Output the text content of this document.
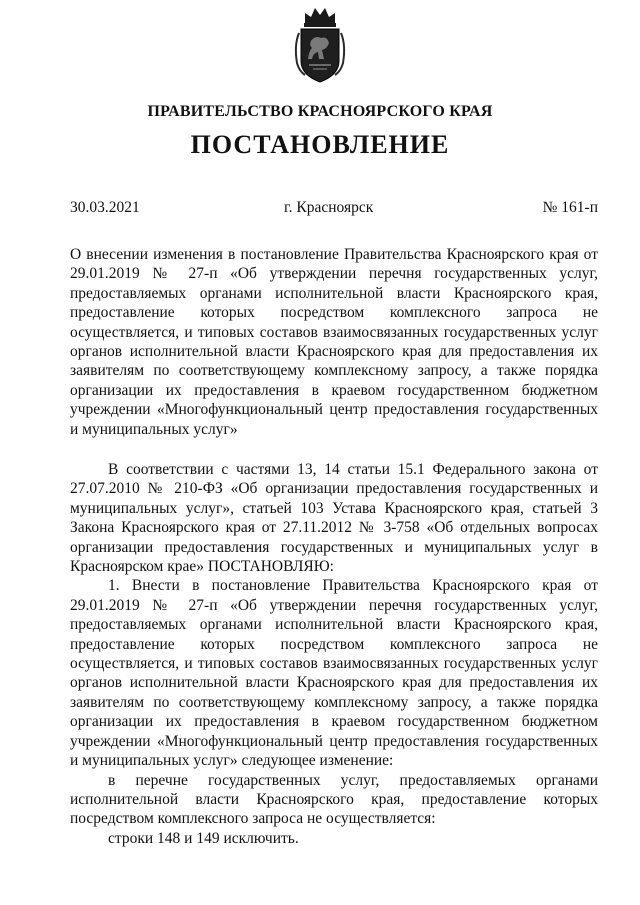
ПРАВИТЕЛЬСТВО КРАСНОЯРСКОГО КРАЯ
ПОСТАНОВЛЕНИЕ
30.03.2021	г. Красноярск	№ 161-п
О внесении изменения в постановление Правительства Красноярского края от 29.01.2019 № 27-п «Об утверждении перечня государственных услуг, предоставляемых органами исполнительной власти Красноярского края, предоставление которых посредством комплексного запроса не осуществляется, и типовых составов взаимосвязанных государственных услуг органов исполнительной власти Красноярского края для предоставления их заявителям по соответствующему комплексному запросу, а также порядка организации их предоставления в краевом государственном бюджетном учреждении «Многофункциональный центр предоставления государственных и муниципальных услуг»

В соответствии с частями 13, 14 статьи 15.1 Федерального закона от 27.07.2010 № 210-ФЗ «Об организации предоставления государственных и муниципальных услуг», статьей 103 Устава Красноярского края, статьей 3 Закона Красноярского края от 27.11.2012 № 3-758 «Об отдельных вопросах организации предоставления государственных и муниципальных услуг в Красноярском крае» ПОСТАНОВЛЯЮ:

1. Внести в постановление Правительства Красноярского края от 29.01.2019 № 27-п «Об утверждении перечня государственных услуг, предоставляемых органами исполнительной власти Красноярского края, предоставление которых посредством комплексного запроса не осуществляется, и типовых составов взаимосвязанных государственных услуг органов исполнительной власти Красноярского края для предоставления их заявителям по соответствующему комплексному запросу, а также порядка организации их предоставления в краевом государственном бюджетном учреждении «Многофункциональный центр предоставления государственных и муниципальных услуг» следующее изменение:

в перечне государственных услуг, предоставляемых органами исполнительной власти Красноярского края, предоставление которых посредством комплексного запроса не осуществляется:

строки 148 и 149 исключить.
